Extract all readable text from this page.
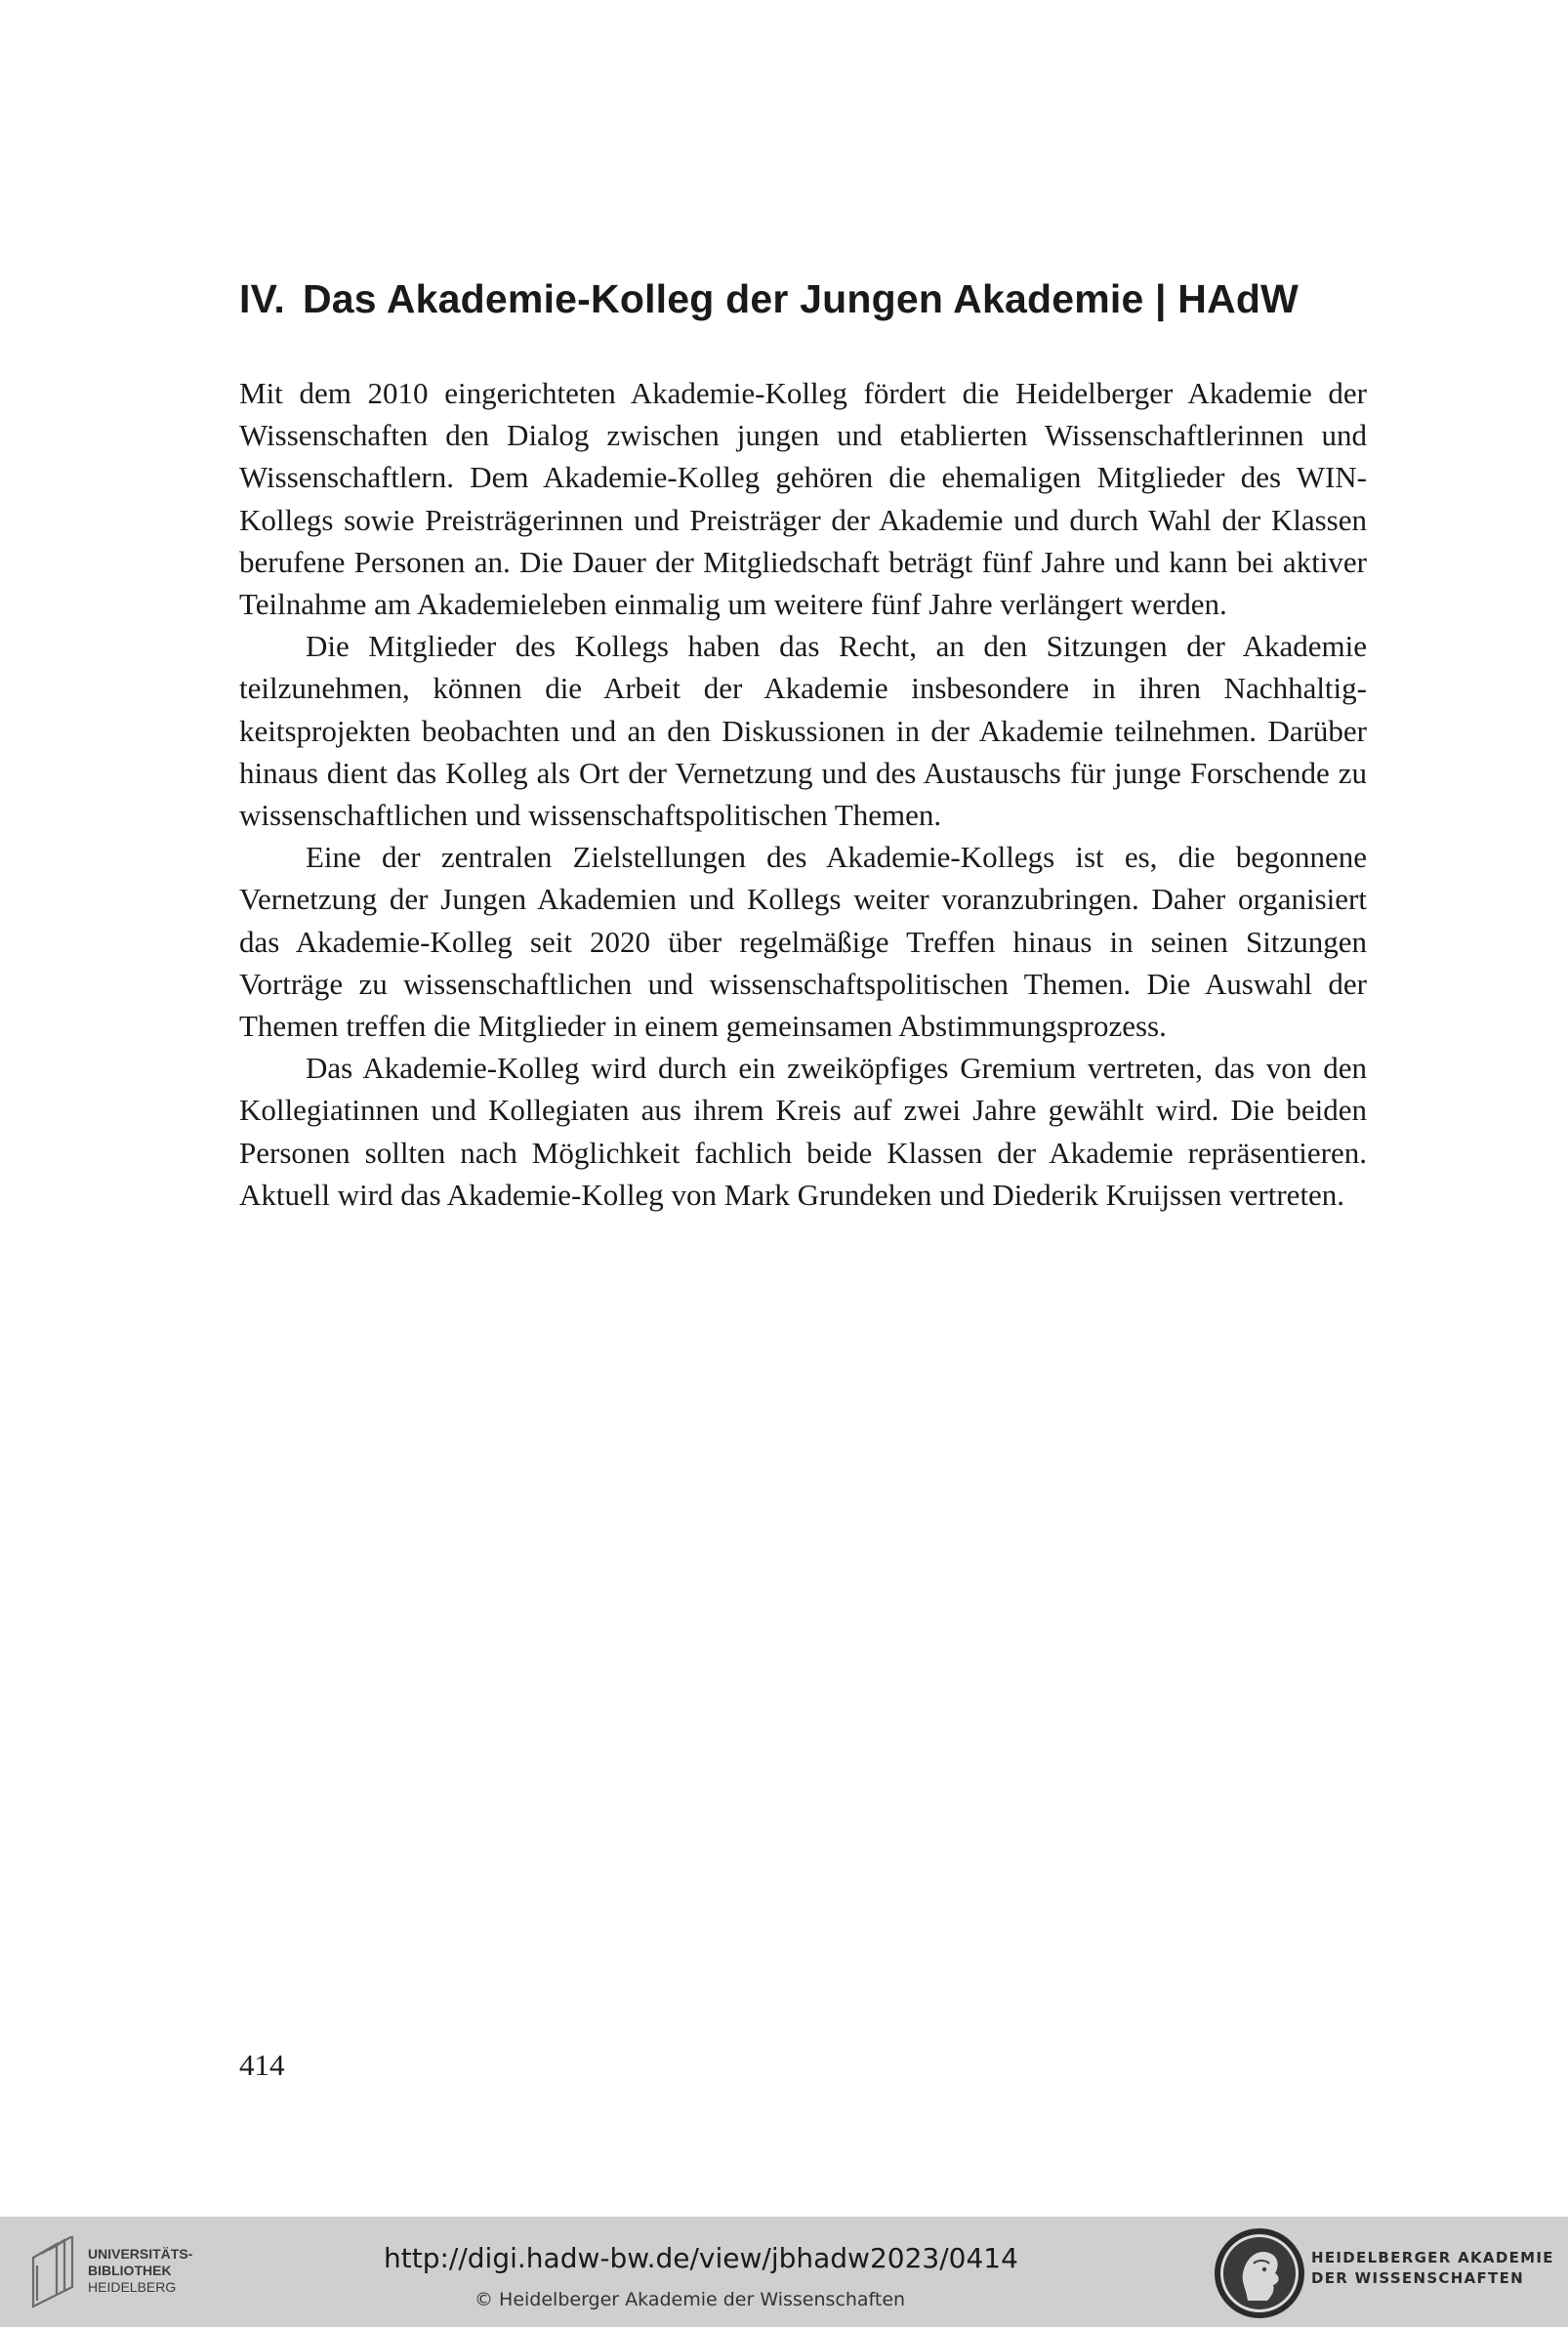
IV. Das Akademie-Kolleg der Jungen Akademie | HAdW

Mit dem 2010 eingerichteten Akademie-Kolleg fördert die Heidelberger Akademie der Wissenschaften den Dialog zwischen jungen und etablierten Wissenschaftlerinnen und Wissenschaftlern. Dem Akademie-Kolleg gehören die ehemaligen Mitglieder des WIN-Kollegs sowie Preisträgerinnen und Preisträger der Akademie und durch Wahl der Klassen berufene Personen an. Die Dauer der Mitgliedschaft beträgt fünf Jahre und kann bei aktiver Teilnahme am Akademieleben einmalig um weitere fünf Jahre verlängert werden.

Die Mitglieder des Kollegs haben das Recht, an den Sitzungen der Akademie teilzunehmen, können die Arbeit der Akademie insbesondere in ihren Nachhaltigkeitsprojekten beobachten und an den Diskussionen in der Akademie teilnehmen. Darüber hinaus dient das Kolleg als Ort der Vernetzung und des Austauschs für junge Forschende zu wissenschaftlichen und wissenschaftspolitischen Themen.

Eine der zentralen Zielstellungen des Akademie-Kollegs ist es, die begonnene Vernetzung der Jungen Akademien und Kollegs weiter voranzubringen. Daher organisiert das Akademie-Kolleg seit 2020 über regelmäßige Treffen hinaus in seinen Sitzungen Vorträge zu wissenschaftlichen und wissenschaftspolitischen Themen. Die Auswahl der Themen treffen die Mitglieder in einem gemeinsamen Abstimmungsprozess.

Das Akademie-Kolleg wird durch ein zweiköpfiges Gremium vertreten, das von den Kollegiatinnen und Kollegiaten aus ihrem Kreis auf zwei Jahre gewählt wird. Die beiden Personen sollten nach Möglichkeit fachlich beide Klassen der Akademie repräsentieren. Aktuell wird das Akademie-Kolleg von Mark Grundeken und Diederik Kruijssen vertreten.

414
UNIVERSITÄTS-
BIBLIOTHEK
HEIDELBERG
http://digi.hadw-bw.de/view/jbhadw2023/0414
© Heidelberger Akademie der Wissenschaften
HEIDELBERGER AKADEMIE
DER WISSENSCHAFTEN
